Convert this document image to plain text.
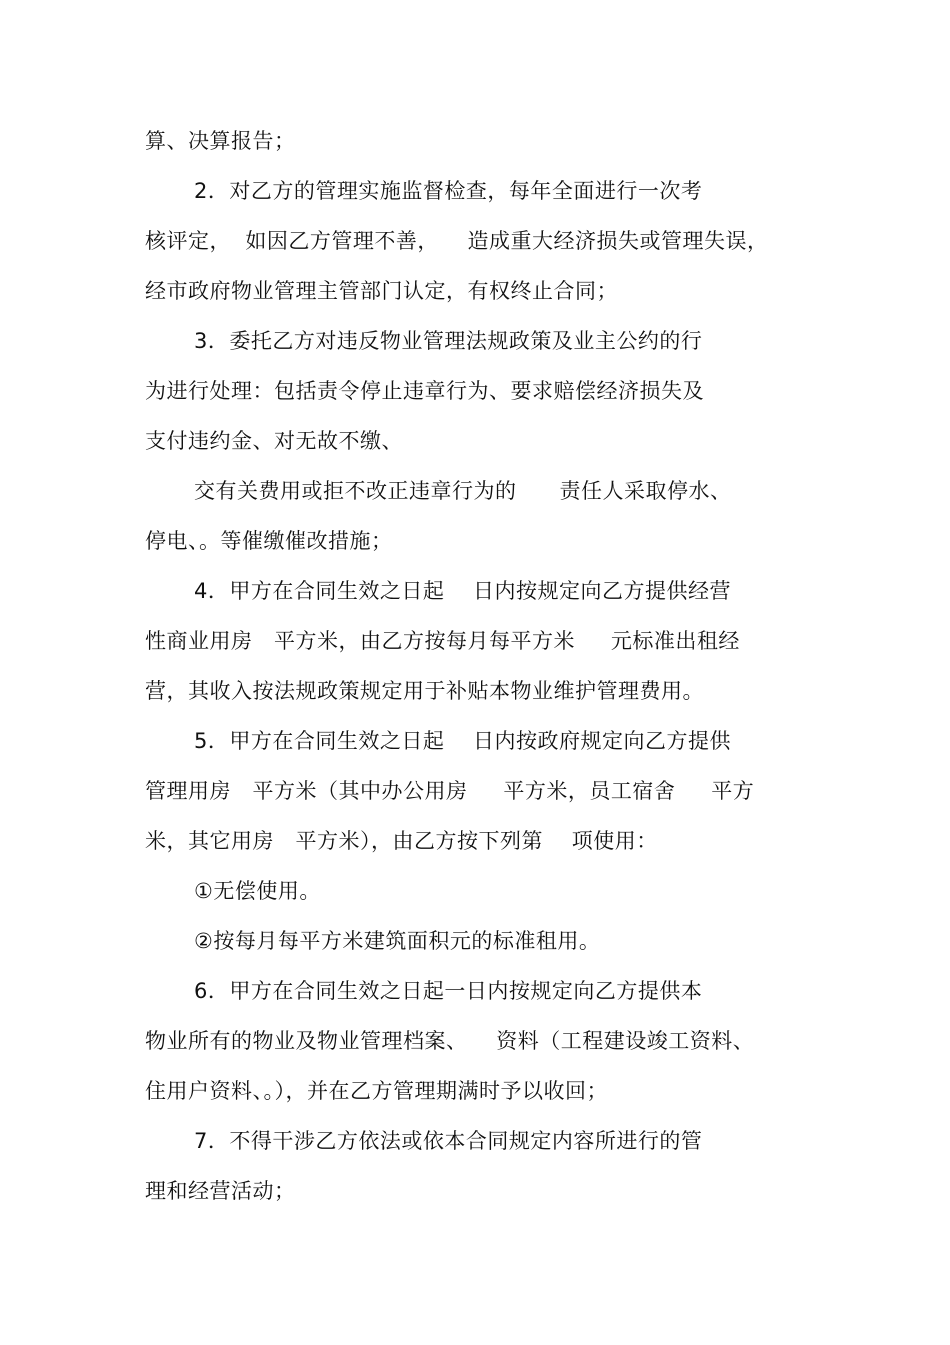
算、决算报告；
2．对乙方的管理实施监督检查，每年全面进行一次考
核评定，  如因乙方管理不善，    造成重大经济损失或管理失误，
经市政府物业管理主管部门认定，有权终止合同；
3．委托乙方对违反物业管理法规政策及业主公约的行
为进行处理：包括责令停止违章行为、要求赔偿经济损失及
支付违约金、对无故不缴、
交有关费用或拒不改正违章行为的      责任人采取停水、
停电、。等催缴催改措施；
4．甲方在合同生效之日起    日内按规定向乙方提供经营
性商业用房   平方米，由乙方按每月每平方米     元标准出租经
营，其收入按法规政策规定用于补贴本物业维护管理费用。
5．甲方在合同生效之日起    日内按政府规定向乙方提供
管理用房   平方米（其中办公用房     平方米，员工宿舍     平方
米，其它用房   平方米），由乙方按下列第    项使用：
①无偿使用。
②按每月每平方米建筑面积元的标准租用。
6．甲方在合同生效之日起一日内按规定向乙方提供本
物业所有的物业及物业管理档案、    资料（工程建设竣工资料、
住用户资料、。），并在乙方管理期满时予以收回；
7．不得干涉乙方依法或依本合同规定内容所进行的管
理和经营活动；
